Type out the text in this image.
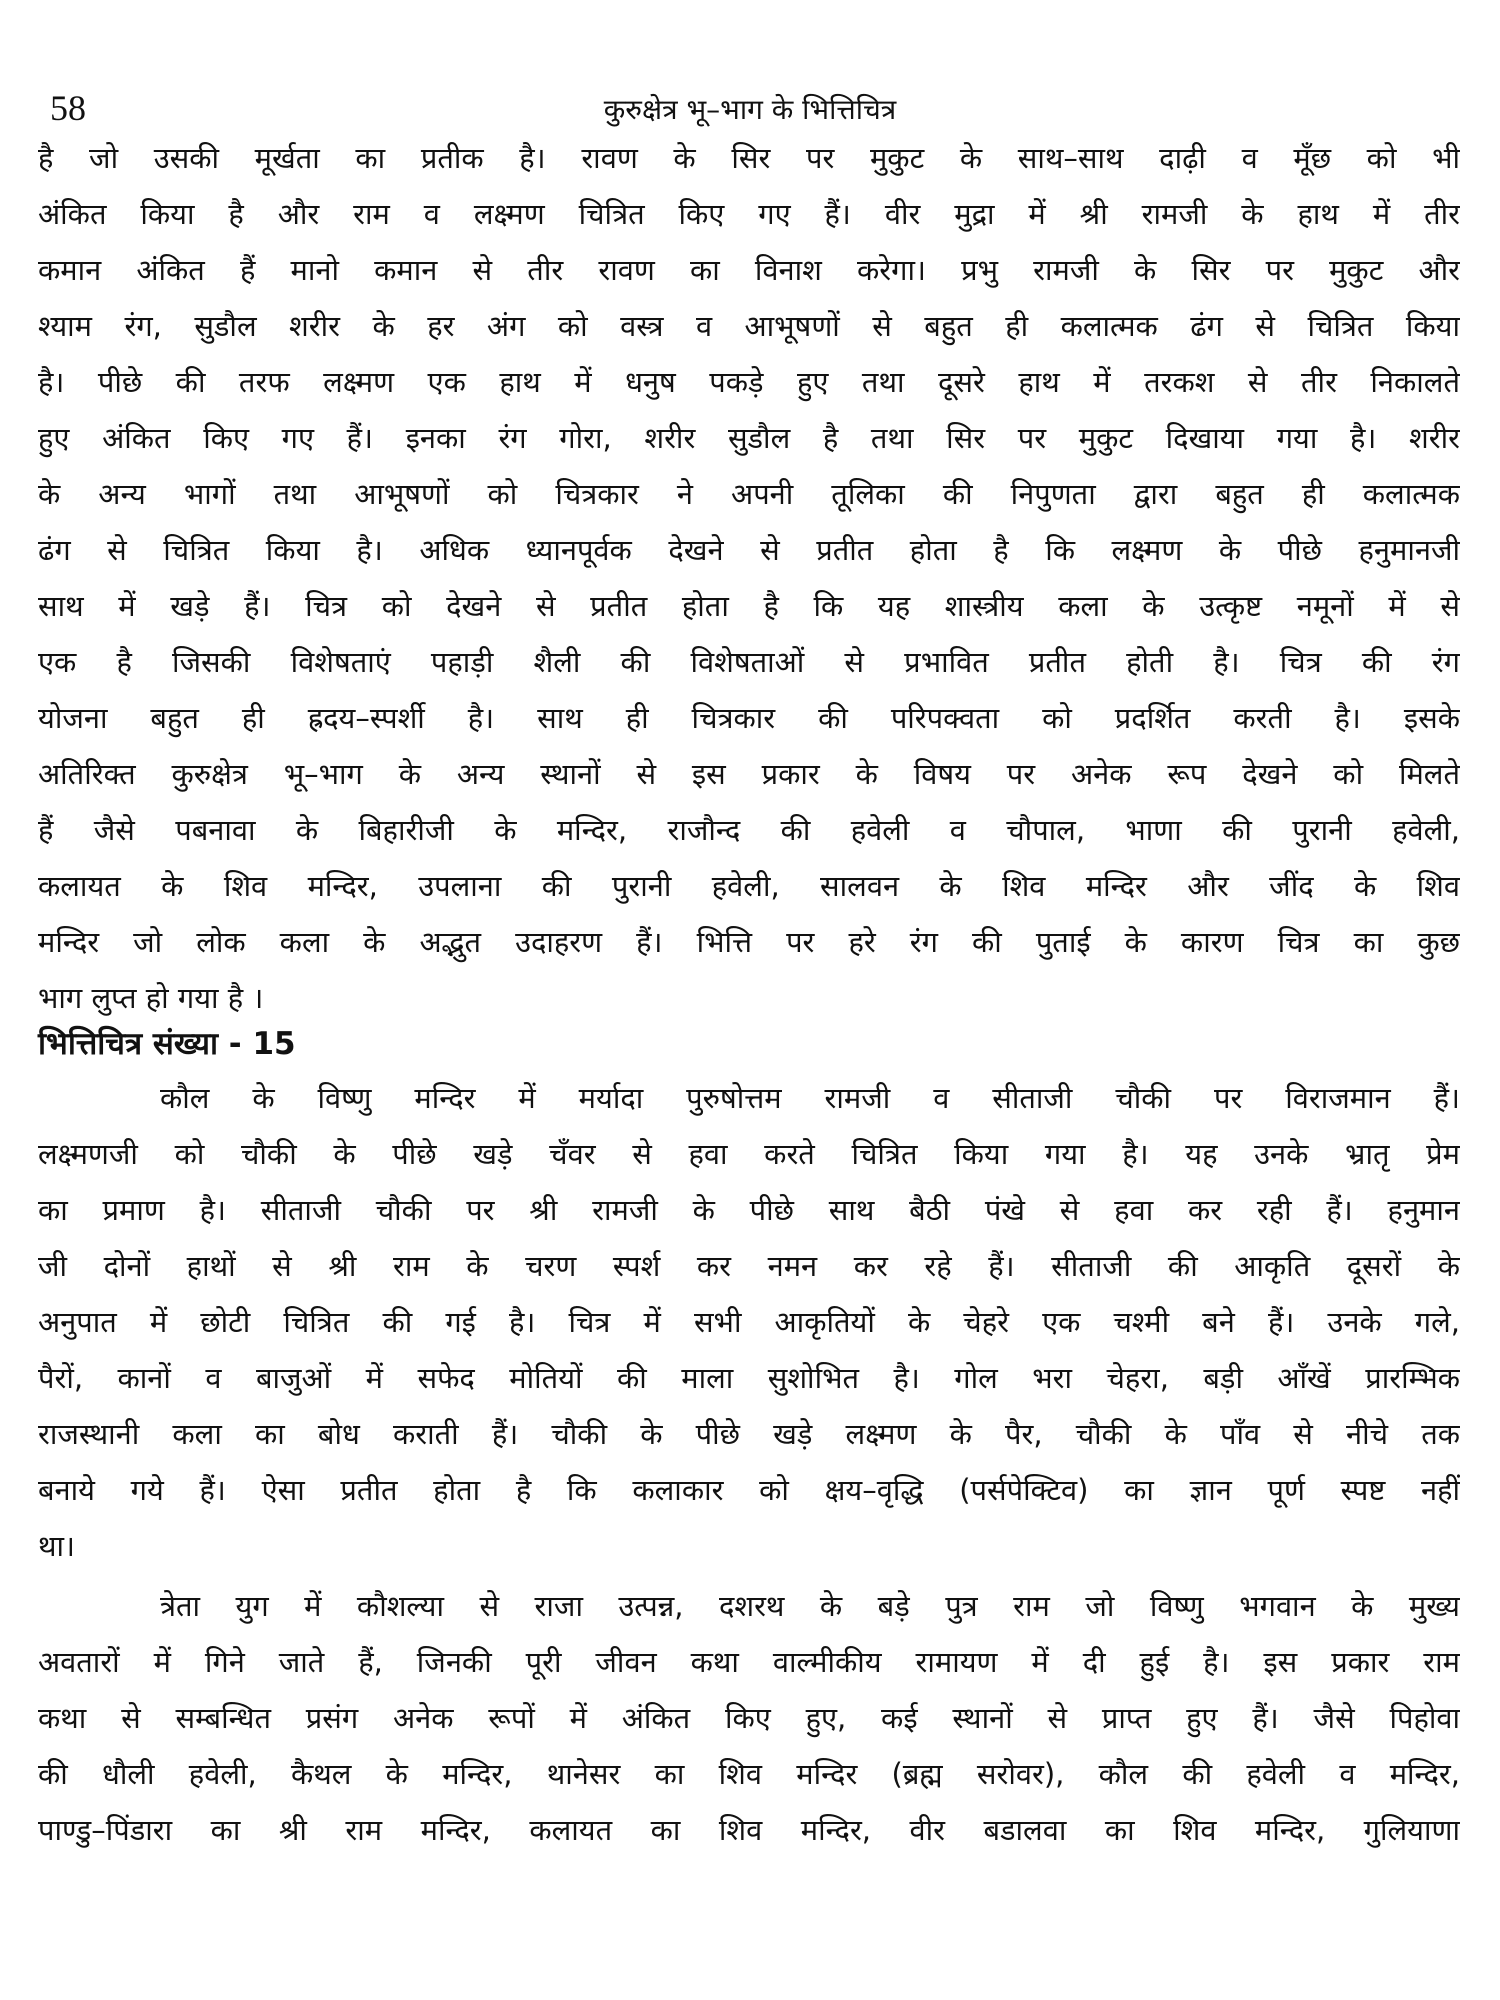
58	कुरुक्षेत्र भू–भाग के भित्तिचित्र
है जो उसकी मूर्खता का प्रतीक है। रावण के सिर पर मुकुट के साथ–साथ दाढ़ी व मूँछ को भी
अंकित किया है और राम व लक्ष्मण चित्रित किए गए हैं। वीर मुद्रा में श्री रामजी के हाथ में तीर
कमान अंकित हैं मानो कमान से तीर रावण का विनाश करेगा। प्रभु रामजी के सिर पर मुकुट और
श्याम रंग, सुडौल शरीर के हर अंग को वस्त्र व आभूषणों से बहुत ही कलात्मक ढंग से चित्रित किया
है। पीछे की तरफ लक्ष्मण एक हाथ में धनुष पकड़े हुए तथा दूसरे हाथ में तरकश से तीर निकालते
हुए अंकित किए गए हैं। इनका रंग गोरा, शरीर सुडौल है तथा सिर पर मुकुट दिखाया गया है। शरीर
के अन्य भागों तथा आभूषणों को चित्रकार ने अपनी तूलिका की निपुणता द्वारा बहुत ही कलात्मक
ढंग से चित्रित किया है। अधिक ध्यानपूर्वक देखने से प्रतीत होता है कि लक्ष्मण के पीछे हनुमानजी
साथ में खड़े हैं। चित्र को देखने से प्रतीत होता है कि यह शास्त्रीय कला के उत्कृष्ट नमूनों में से
एक है जिसकी विशेषताएं पहाड़ी शैली की विशेषताओं से प्रभावित प्रतीत होती है। चित्र की रंग
योजना बहुत ही ह्रदय–स्पर्शी है। साथ ही चित्रकार की परिपक्वता को प्रदर्शित करती है। इसके
अतिरिक्त कुरुक्षेत्र भू–भाग के अन्य स्थानों से इस प्रकार के विषय पर अनेक रूप देखने को मिलते
हैं जैसे पबनावा के बिहारीजी के मन्दिर, राजौन्द की हवेली व चौपाल, भाणा की पुरानी हवेली,
कलायत के शिव मन्दिर, उपलाना की पुरानी हवेली, सालवन के शिव मन्दिर और जींद के शिव
मन्दिर जो लोक कला के अद्भुत उदाहरण हैं। भित्ति पर हरे रंग की पुताई के कारण चित्र का कुछ
भाग लुप्त हो गया है ।
भित्तिचित्र संख्या - 15
कौल के विष्णु मन्दिर में मर्यादा पुरुषोत्तम रामजी व सीताजी चौकी पर विराजमान हैं।
लक्ष्मणजी को चौकी के पीछे खड़े चँवर से हवा करते चित्रित किया गया है। यह उनके भ्रातृ प्रेम
का प्रमाण है। सीताजी चौकी पर श्री रामजी के पीछे साथ बैठी पंखे से हवा कर रही हैं। हनुमान
जी दोनों हाथों से श्री राम के चरण स्पर्श कर नमन कर रहे हैं। सीताजी की आकृति दूसरों के
अनुपात में छोटी चित्रित की गई है। चित्र में सभी आकृतियों के चेहरे एक चश्मी बने हैं। उनके गले,
पैरों, कानों व बाजुओं में सफेद मोतियों की माला सुशोभित है। गोल भरा चेहरा, बड़ी आँखें प्रारम्भिक
राजस्थानी कला का बोध कराती हैं। चौकी के पीछे खड़े लक्ष्मण के पैर, चौकी के पाँव से नीचे तक
बनाये गये हैं। ऐसा प्रतीत होता है कि कलाकार को क्षय–वृद्धि (पर्सपेक्टिव) का ज्ञान पूर्ण स्पष्ट नहीं
था।
त्रेता युग में कौशल्या से राजा उत्पन्न, दशरथ के बड़े पुत्र राम जो विष्णु भगवान के मुख्य
अवतारों में गिने जाते हैं, जिनकी पूरी जीवन कथा वाल्मीकीय रामायण में दी हुई है। इस प्रकार राम
कथा से सम्बन्धित प्रसंग अनेक रूपों में अंकित किए हुए, कई स्थानों से प्राप्त हुए हैं। जैसे पिहोवा
की धौली हवेली, कैथल के मन्दिर, थानेसर का शिव मन्दिर (ब्रह्म सरोवर), कौल की हवेली व मन्दिर,
पाण्डु–पिंडारा का श्री राम मन्दिर, कलायत का शिव मन्दिर, वीर बडालवा का शिव मन्दिर, गुलियाणा
